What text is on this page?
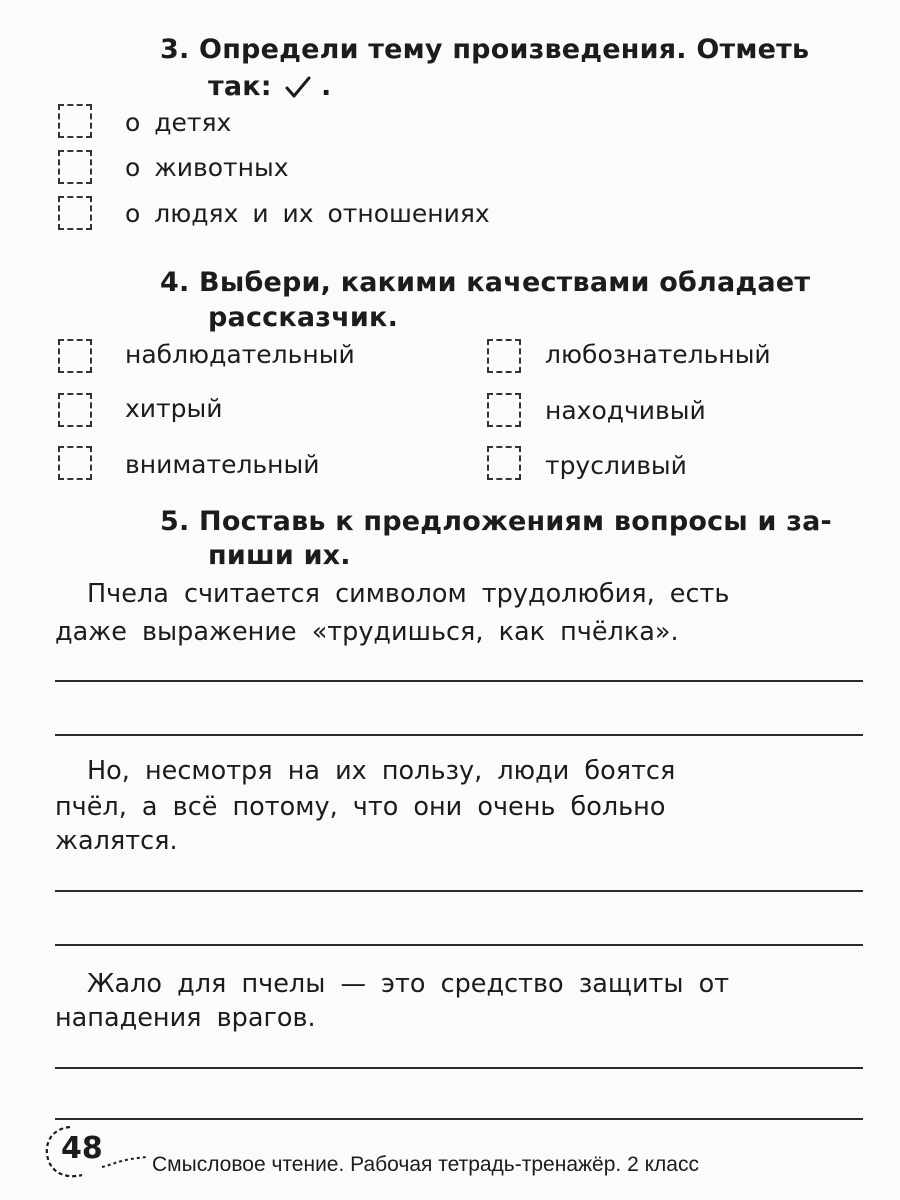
3. Определи тему произведения. Отметь
так: .
о детях
о животных
о людях и их отношениях
4. Выбери, какими качествами обладает
рассказчик.
наблюдательный	любознательный
хитрый	находчивый
внимательный	трусливый
5. Поставь к предложениям вопросы и за-
пиши их.
Пчела считается символом трудолюбия, есть
даже выражение «трудишься, как пчёлка».
Но, несмотря на их пользу, люди боятся
пчёл, а всё потому, что они очень больно
жалятся.
Жало для пчелы — это средство защиты от
нападения врагов.
48 Смысловое чтение. Рабочая тетрадь-тренажёр. 2 класс
